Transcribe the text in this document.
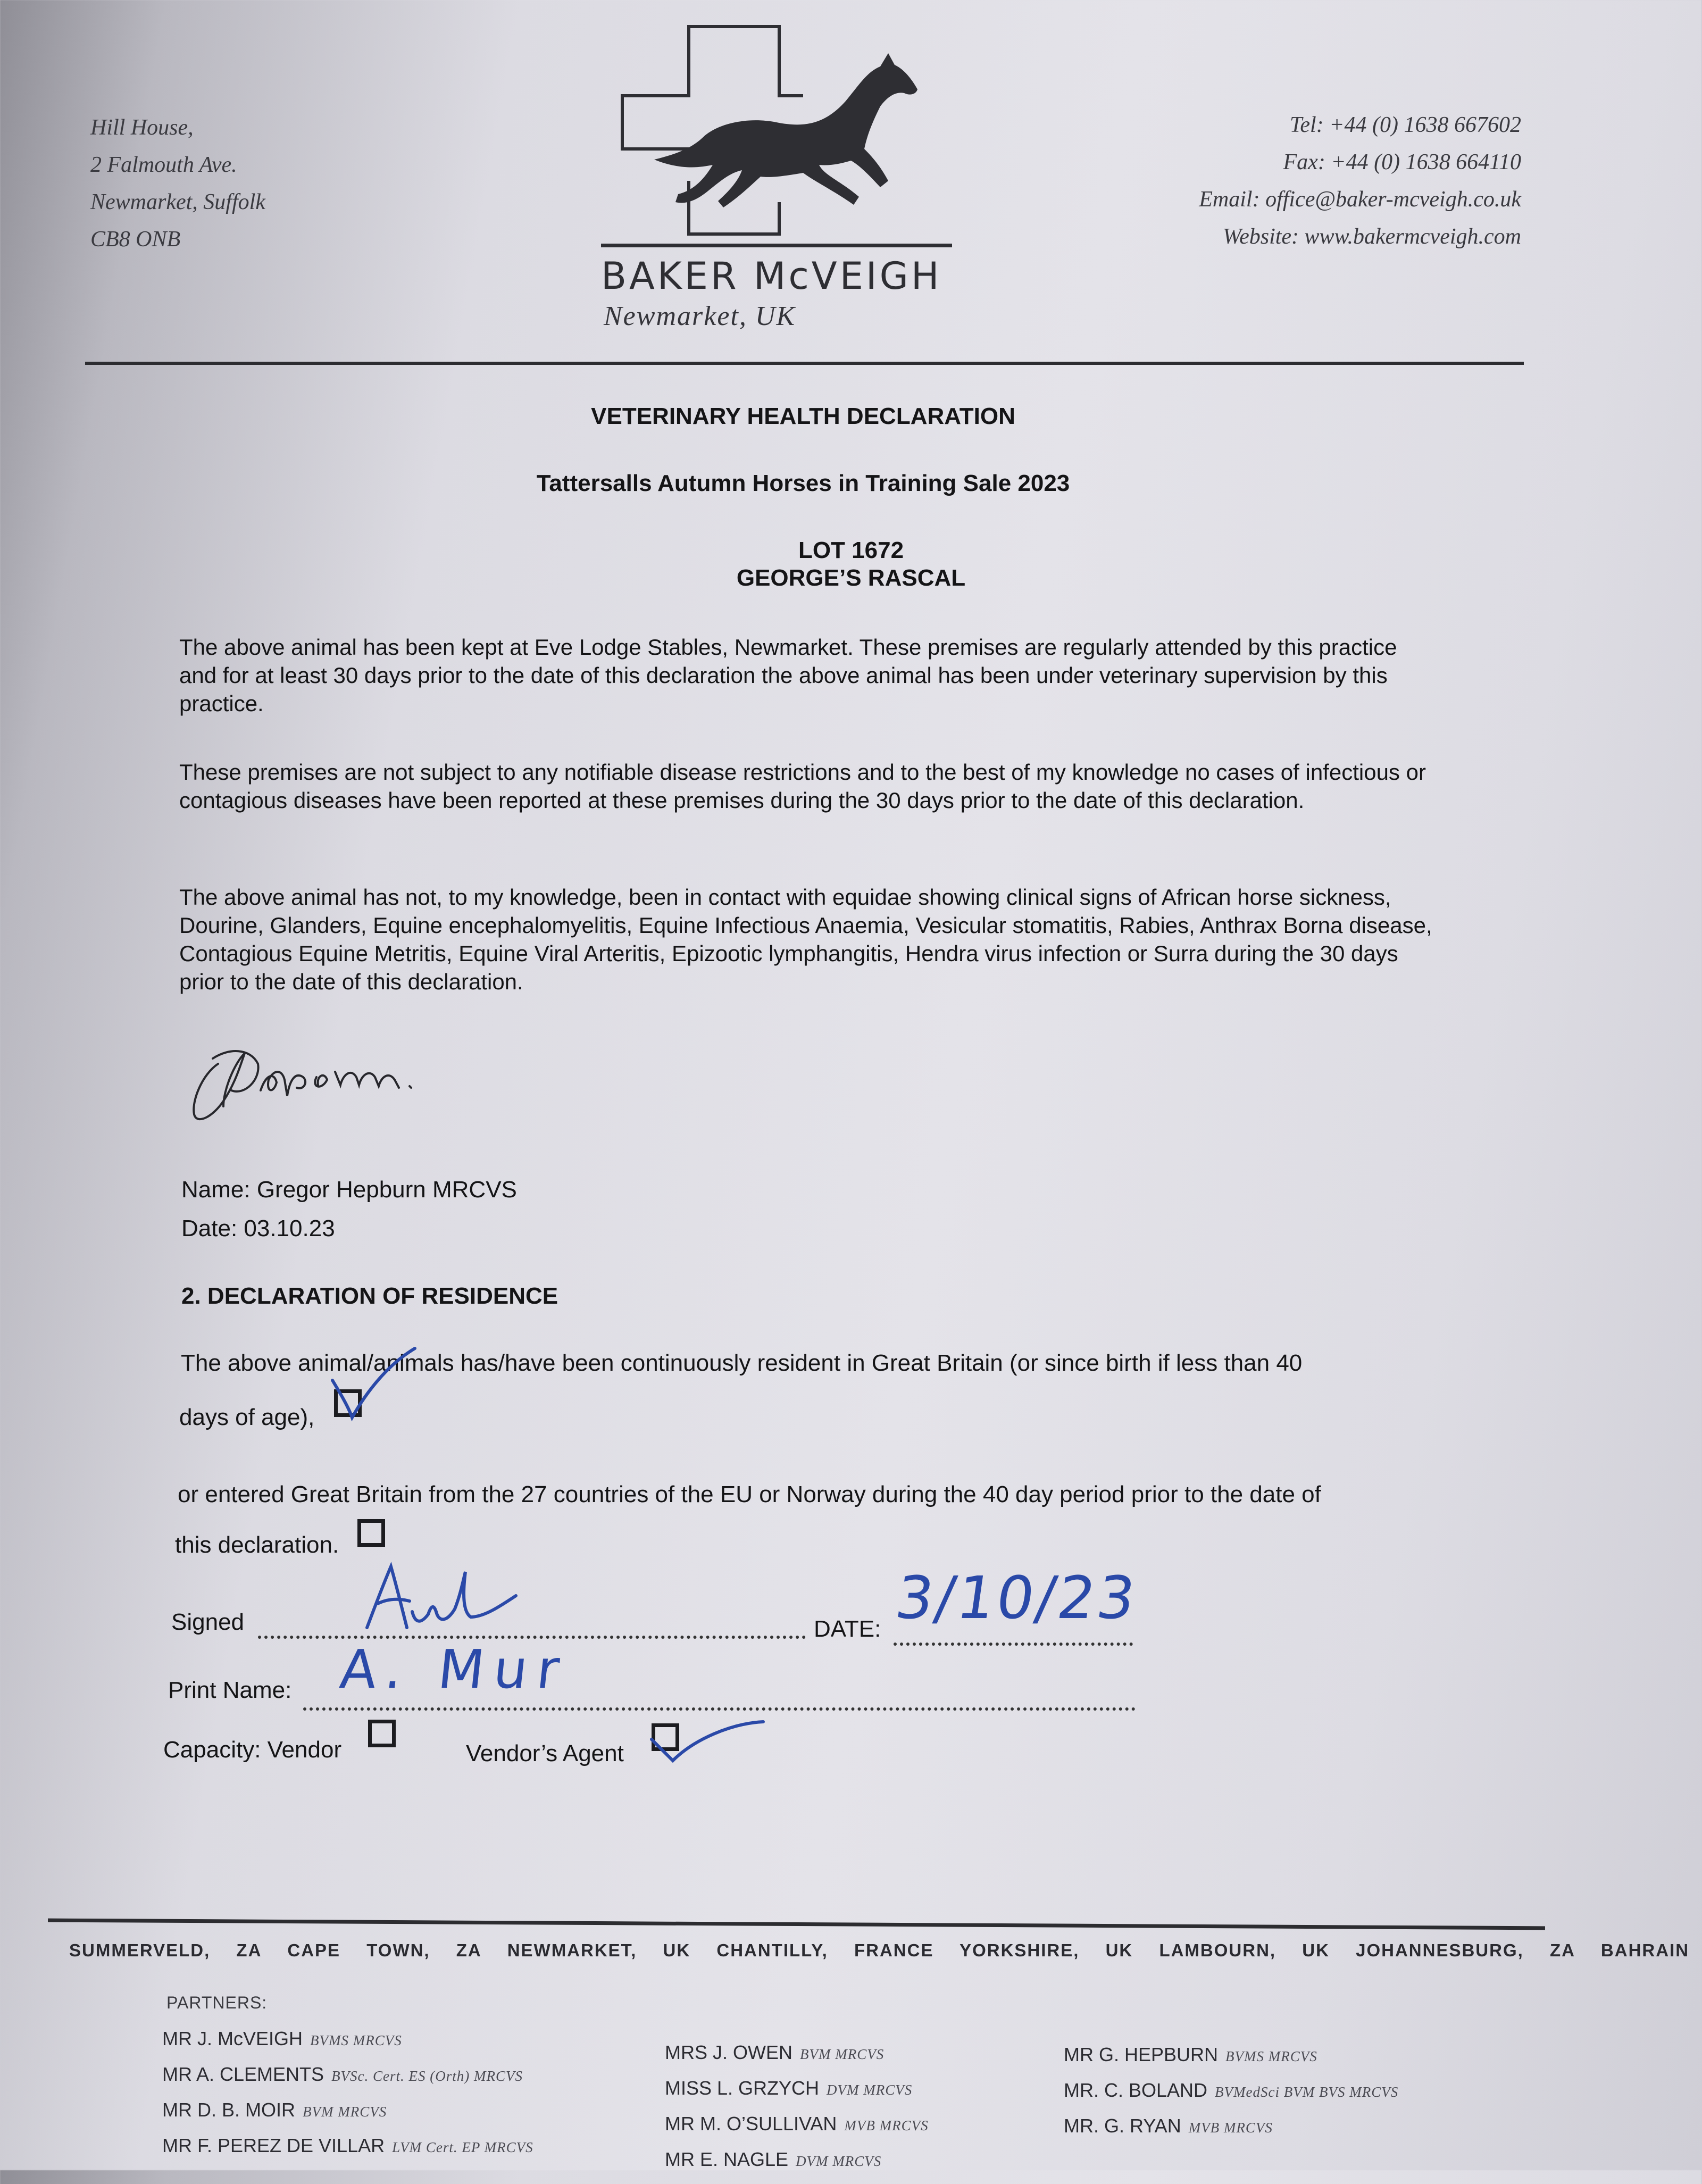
Hill House,
2 Falmouth Ave.
Newmarket, Suffolk
CB8 ONB
BAKER McVEIGH
Newmarket, UK
Tel: +44 (0) 1638 667602
Fax: +44 (0) 1638 664110
Email: office@baker-mcveigh.co.uk
Website: www.bakermcveigh.com
VETERINARY HEALTH DECLARATION
Tattersalls Autumn Horses in Training Sale 2023
LOT 1672
GEORGE’S RASCAL
The above animal has been kept at Eve Lodge Stables, Newmarket. These premises are regularly attended by this practice and for at least 30 days prior to the date of this declaration the above animal has been under veterinary supervision by this practice.
These premises are not subject to any notifiable disease restrictions and to the best of my knowledge no cases of infectious or contagious diseases have been reported at these premises during the 30 days prior to the date of this declaration.
The above animal has not, to my knowledge, been in contact with equidae showing clinical signs of African horse sickness, Dourine, Glanders, Equine encephalomyelitis, Equine Infectious Anaemia, Vesicular stomatitis, Rabies, Anthrax Borna disease, Contagious Equine Metritis, Equine Viral Arteritis, Epizootic lymphangitis, Hendra virus infection or Surra during the 30 days prior to the date of this declaration.
Name: Gregor Hepburn MRCVS
Date: 03.10.23
2. DECLARATION OF RESIDENCE
The above animal/animals has/have been continuously resident in Great Britain (or since birth if less than 40
days of age),
or entered Great Britain from the 27 countries of the EU or Norway during the 40 day period prior to the date of
this declaration.
Signed	DATE:
Print Name:
Capacity: Vendor	Vendor’s Agent
3/10/23
A. Mur
SUMMERVELD, ZA CAPE TOWN, ZA NEWMARKET, UK CHANTILLY, FRANCE YORKSHIRE, UK LAMBOURN, UK JOHANNESBURG, ZA BAHRAIN
PARTNERS:
MR J. McVEIGH BVMS MRCVS
MR A. CLEMENTS BVSc. Cert. ES (Orth) MRCVS
MR D. B. MOIR BVM MRCVS
MR F. PEREZ DE VILLAR LVM Cert. EP MRCVS
MRS J. OWEN BVM MRCVS
MISS L. GRZYCH DVM MRCVS
MR M. O’SULLIVAN MVB MRCVS
MR E. NAGLE DVM MRCVS
MR G. HEPBURN BVMS MRCVS
MR. C. BOLAND BVMedSci BVM BVS MRCVS
MR. G. RYAN MVB MRCVS
